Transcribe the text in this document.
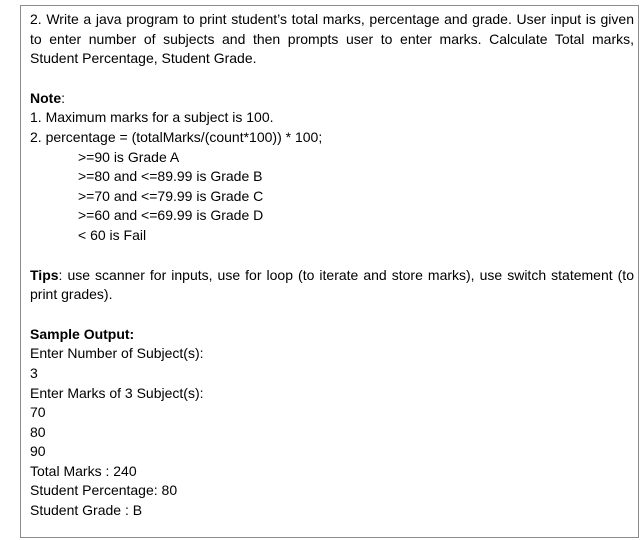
2. Write a java program to print student’s total marks, percentage and grade. User input is given to enter number of subjects and then prompts user to enter marks. Calculate Total marks, Student Percentage, Student Grade.

Note:
1. Maximum marks for a subject is 100.
2. percentage = (totalMarks/(count*100)) * 100;
>=90 is Grade A
>=80 and <=89.99 is Grade B
>=70 and <=79.99 is Grade C
>=60 and <=69.99 is Grade D
< 60 is Fail

Tips: use scanner for inputs, use for loop (to iterate and store marks), use switch statement (to print grades).

Sample Output:
Enter Number of Subject(s):
3
Enter Marks of 3 Subject(s):
70
80
90
Total Marks : 240
Student Percentage: 80
Student Grade : B
